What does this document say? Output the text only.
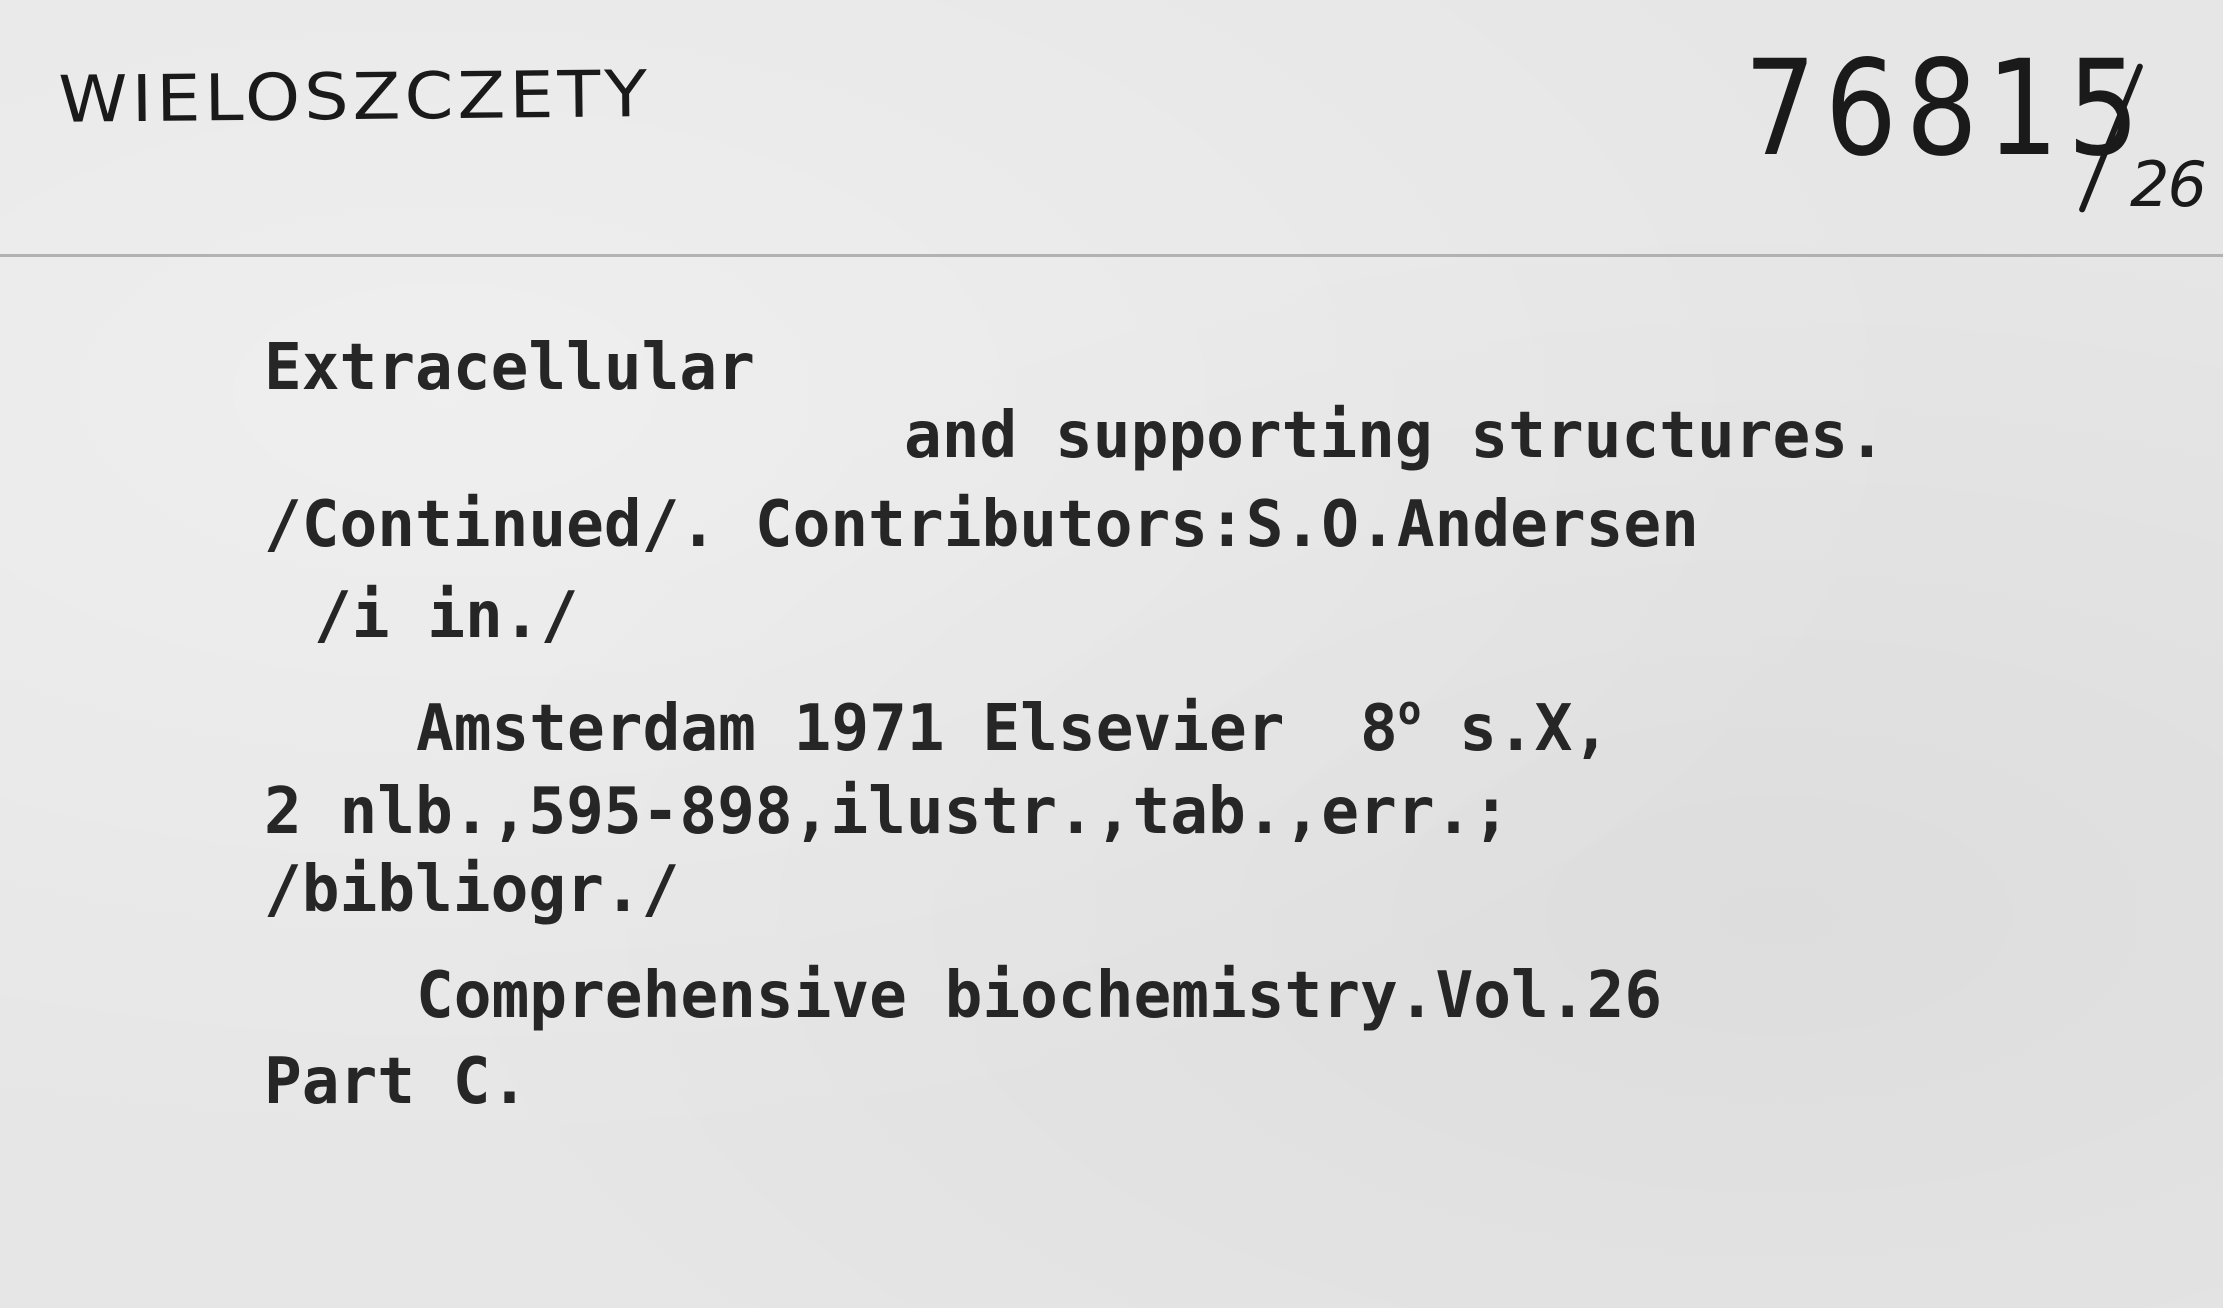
WIELOSZCZETY	76815
26
Extracellular
and supporting structures.
/Continued/. Contributors:S.O.Andersen
/i in./
Amsterdam 1971 Elsevier  8$^o$ s.X,
2 nlb.,595-898,ilustr.,tab.,err.;
/bibliogr./
Comprehensive biochemistry.Vol.26
Part C.
